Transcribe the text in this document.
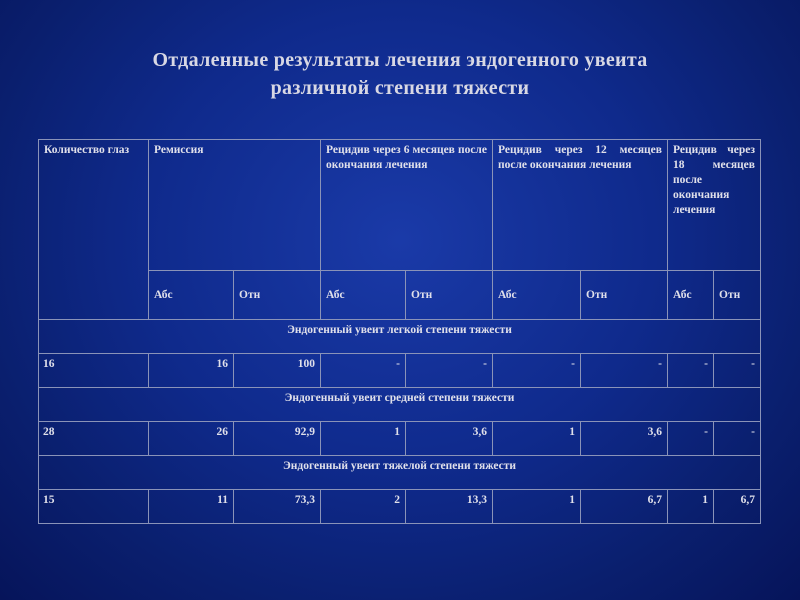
Отдаленные результаты лечения эндогенного увеита
различной степени тяжести
Количество глаз	Ремиссия		Рецидив через 6 месяцев после окончания лечения		Рецидив через 12 месяцев после окончания лечения		Рецидив через 18 месяцев после окончания лечения	
	Абс	Отн	Абс	Отн	Абс	Отн	Абс	Отн
Эндогенный увеит легкой степени тяжести								
16	16	100	-	-	-	-	-	-
Эндогенный увеит средней степени тяжести								
28	26	92,9	1	3,6	1	3,6	-	-
Эндогенный увеит тяжелой степени тяжести								
15	11	73,3	2	13,3	1	6,7	1	6,7
